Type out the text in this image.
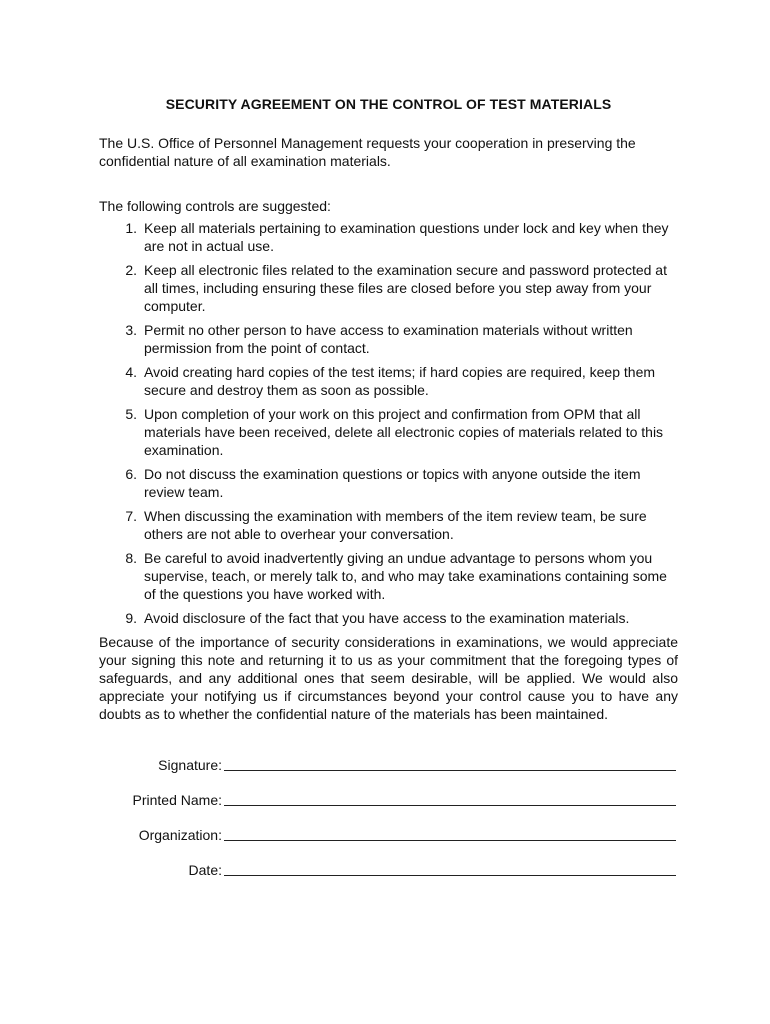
SECURITY AGREEMENT ON THE CONTROL OF TEST MATERIALS

The U.S. Office of Personnel Management requests your cooperation in preserving the confidential nature of all examination materials.

The following controls are suggested:

1. Keep all materials pertaining to examination questions under lock and key when they are not in actual use.
2. Keep all electronic files related to the examination secure and password protected at all times, including ensuring these files are closed before you step away from your computer.
3. Permit no other person to have access to examination materials without written permission from the point of contact.
4. Avoid creating hard copies of the test items; if hard copies are required, keep them secure and destroy them as soon as possible.
5. Upon completion of your work on this project and confirmation from OPM that all materials have been received, delete all electronic copies of materials related to this examination.
6. Do not discuss the examination questions or topics with anyone outside the item review team.
7. When discussing the examination with members of the item review team, be sure others are not able to overhear your conversation.
8. Be careful to avoid inadvertently giving an undue advantage to persons whom you supervise, teach, or merely talk to, and who may take examinations containing some of the questions you have worked with.
9. Avoid disclosure of the fact that you have access to the examination materials.

Because of the importance of security considerations in examinations, we would appreciate your signing this note and returning it to us as your commitment that the foregoing types of safeguards, and any additional ones that seem desirable, will be applied. We would also appreciate your notifying us if circumstances beyond your control cause you to have any doubts as to whether the confidential nature of the materials has been maintained.

Signature:
Printed Name:
Organization:
Date:
